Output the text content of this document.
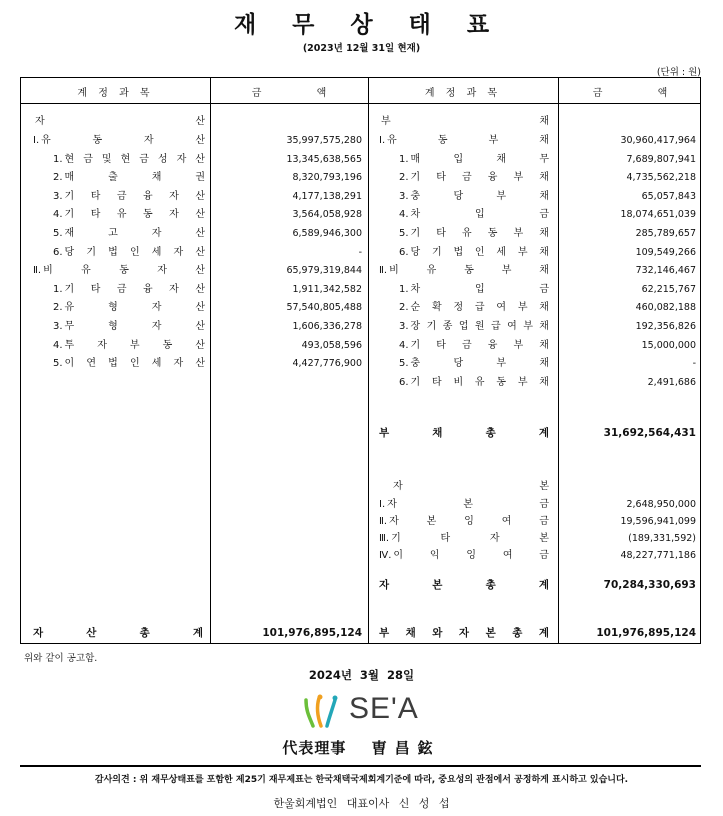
재 무 상 태 표
(2023년 12월 31일 현재)
(단위 : 원)
계 정 과 목	금 액	계 정 과 목	금 액
자	산
Ⅰ. 유	동	자	산	35,997,575,280
1. 현 금 및 현 금 성 자 산	13,345,638,565
2. 매	출	채	권	8,320,793,196
3. 기 타 금 융 자 산	4,177,138,291
4. 기 타 유 동 자 산	3,564,058,928
5. 재	고	자	산	6,589,946,300
6. 당 기 법 인 세 자 산	-
Ⅱ. 비	유	동	자	산	65,979,319,844
1. 기 타 금 융 자 산	1,911,342,582
2. 유	형	자	산	57,540,805,488
3. 무	형	자	산	1,606,336,278
4. 투 자 부 동 산	493,058,596
5. 이 연 법 인 세 자 산	4,427,776,900
자	산	총	계	101,976,895,124
부	채
Ⅰ. 유	동	부	채	30,960,417,964
1. 매	입	채	무	7,689,807,941
2. 기 타 금 융 부 채	4,735,562,218
3. 충	당	부	채	65,057,843
4. 차	입	금	18,074,651,039
5. 기 타 유 동 부 채	285,789,657
6. 당 기 법 인 세 부 채	109,549,266
Ⅱ. 비	유	동	부	채	732,146,467
1. 차	입	금	62,215,767
2. 순 확 정 급 여 부 채	460,082,188
3. 장 기 종 업 원 급 여 부 채	192,356,826
4. 기 타 금 융 부 채	15,000,000
5. 충	당	부	채	-
6. 기 타 비 유 동 부 채	2,491,686
부	채	총	계	31,692,564,431
자	본
Ⅰ. 자	본	금	2,648,950,000
Ⅱ. 자	본	잉	여	금	19,596,941,099
Ⅲ. 기	타	자	본	(189,331,592)
Ⅳ. 이	익	잉	여	금	48,227,771,186
자	본	총	계	70,284,330,693
부 채 와 자 본 총 계	101,976,895,124
위와 같이 공고함.
2024년 3월 28일
SE'A
代表理事 曺昌鉉
감사의견 : 위 재무상태표를 포함한 제25기 재무제표는 한국채택국제회계기준에 따라, 중요성의 관점에서 공정하게 표시하고 있습니다.
한울회계법인 대표이사 신 성 섭
